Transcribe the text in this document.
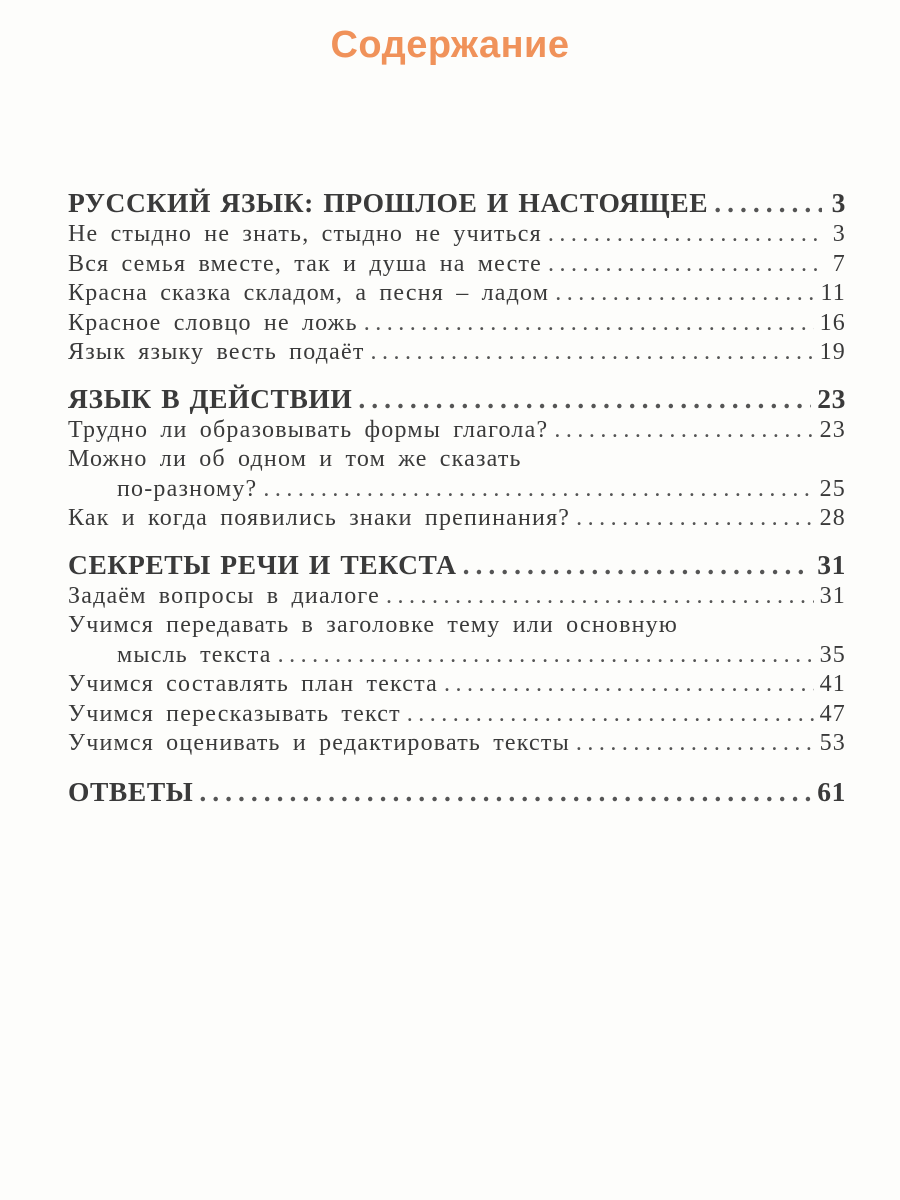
Содержание
РУССКИЙ ЯЗЫК: ПРОШЛОЕ И НАСТОЯЩЕЕ .....	3
Не стыдно не знать, стыдно не учиться .....	3
Вся семья вместе, так и душа на месте .....	7
Красна сказка складом, а песня – ладом .....	11
Красное словцо не ложь .....	16
Язык языку весть подаёт .....	19
ЯЗЫК В ДЕЙСТВИИ .....	23
Трудно ли образовывать формы глагола? .....	23
Можно ли об одном и том же сказать
по-разному? .....	25
Как и когда появились знаки препинания? .....	28
СЕКРЕТЫ РЕЧИ И ТЕКСТА .....	31
Задаём вопросы в диалоге .....	31
Учимся передавать в заголовке тему или основную
мысль текста .....	35
Учимся составлять план текста .....	41
Учимся пересказывать текст .....	47
Учимся оценивать и редактировать тексты .....	53
ОТВЕТЫ .....	61
